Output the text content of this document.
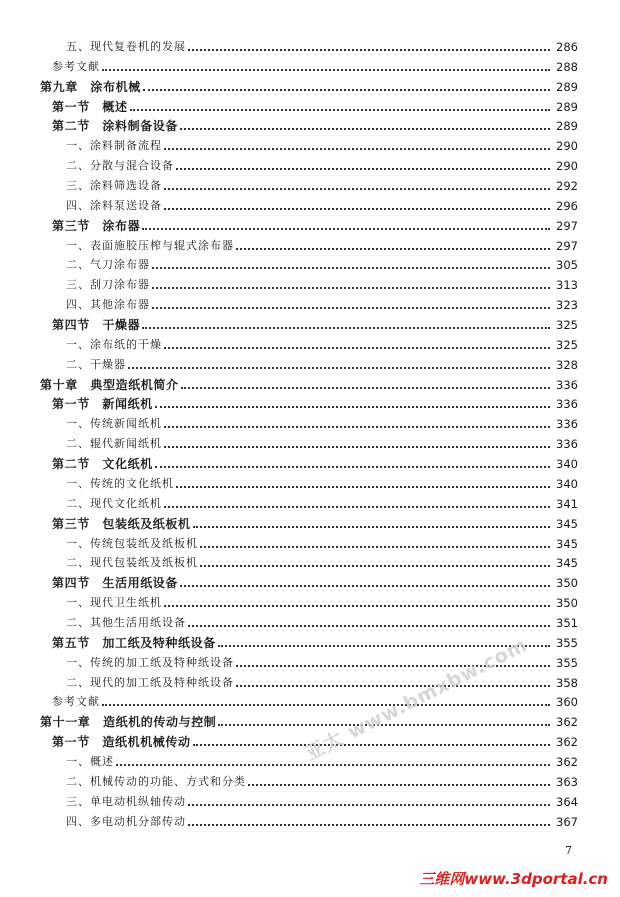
五、现代复卷机的发展	286
参考文献	288
第九章　涂布机械	289
第一节　概述	289
第二节　涂料制备设备	289
一、涂料制备流程	290
二、分散与混合设备	290
三、涂料筛选设备	292
四、涂料泵送设备	296
第三节　涂布器	297
一、表面施胶压榨与辊式涂布器	297
二、气刀涂布器	305
三、刮刀涂布器	313
四、其他涂布器	323
第四节　干燥器	325
一、涂布纸的干燥	325
二、干燥器	328
第十章　典型造纸机简介	336
第一节　新闻纸机	336
一、传统新闻纸机	336
二、辊代新闻纸机	336
第二节　文化纸机	340
一、传统的文化纸机	340
二、现代文化纸机	341
第三节　包装纸及纸板机	345
一、传统包装纸及纸板机	345
二、现代包装纸及纸板机	345
第四节　生活用纸设备	350
一、现代卫生纸机	350
二、其他生活用纸设备	351
第五节　加工纸及特种纸设备	355
一、传统的加工纸及特种纸设备	355
二、现代的加工纸及特种纸设备	358
参考文献	360
第十一章　造纸机的传动与控制	362
第一节　造纸机机械传动	362
一、概述	362
二、机械传动的功能、方式和分类	363
三、单电动机纵轴传动	364
四、多电动机分部传动	367
7
亚太 www.bmxbw.com
三维网www.3dportal.cn
